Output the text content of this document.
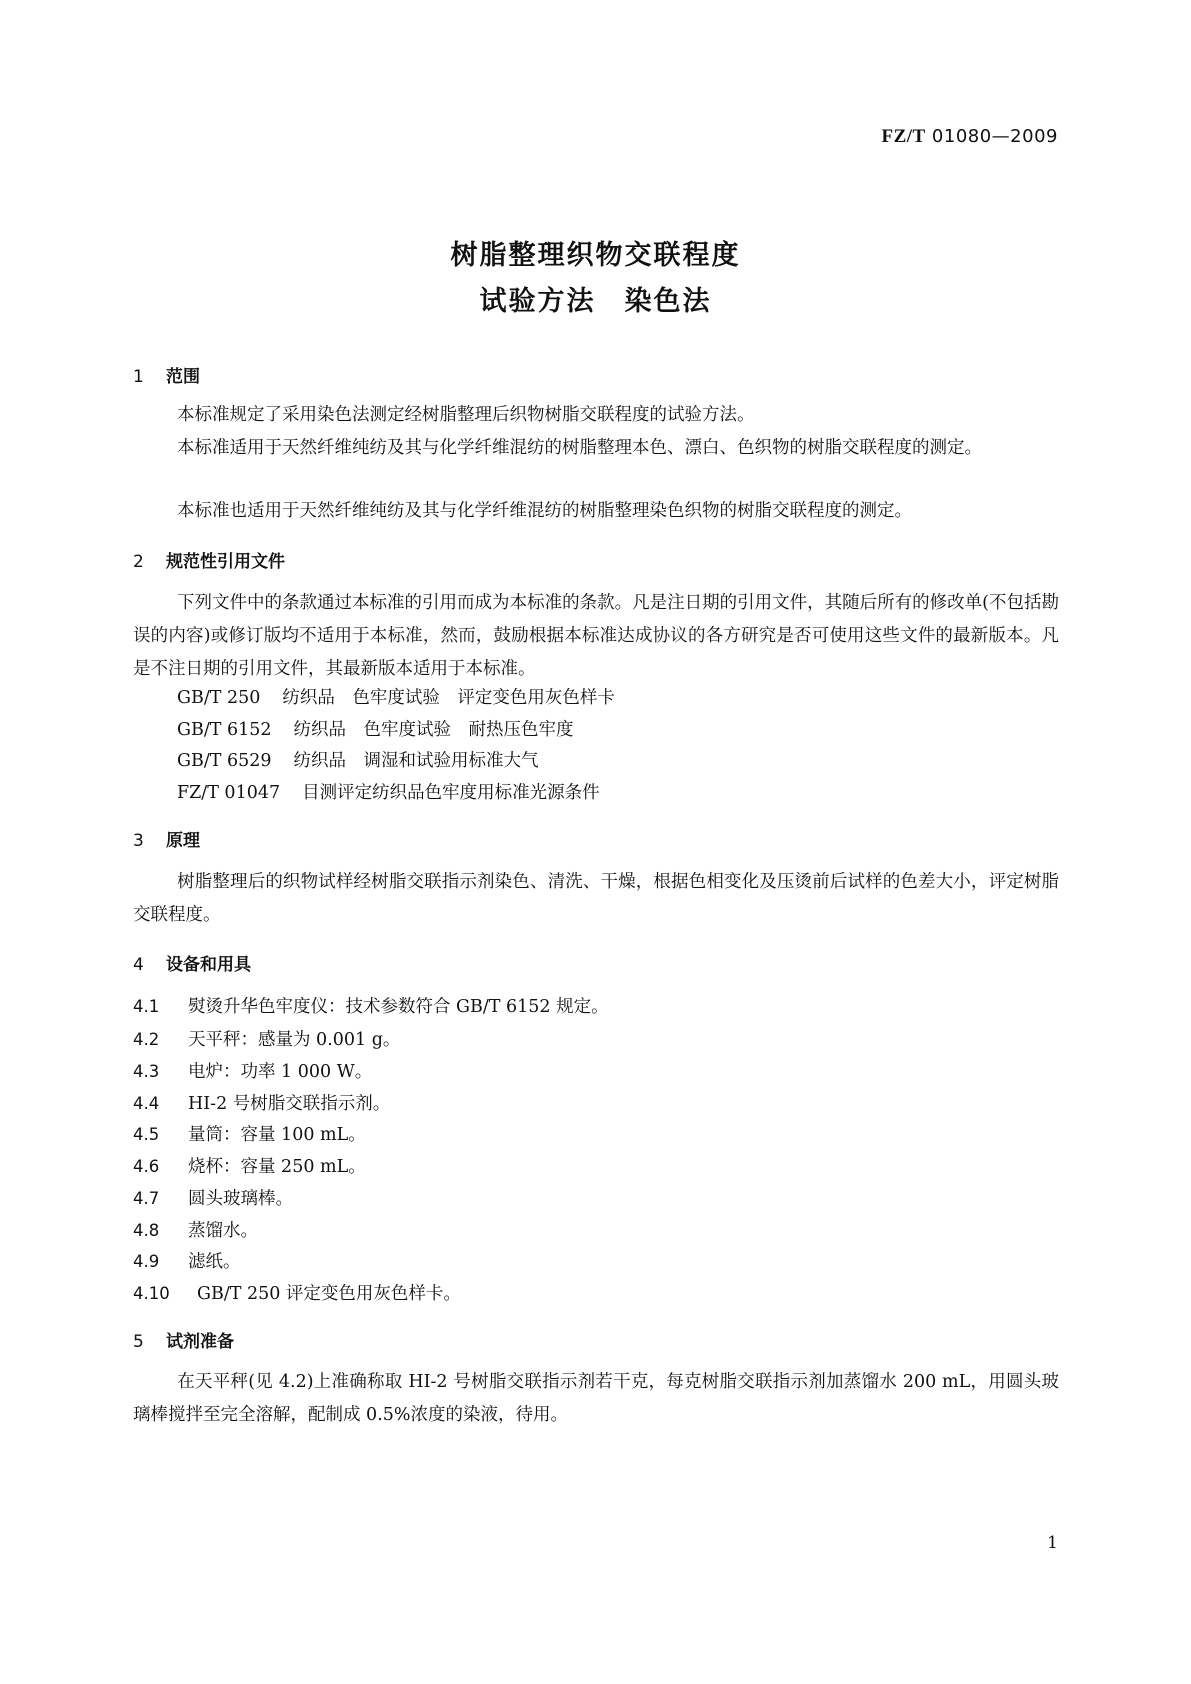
FZ/T 01080—2009
树脂整理织物交联程度
试验方法　染色法
1 范围
本标准规定了采用染色法测定经树脂整理后织物树脂交联程度的试验方法。
本标准适用于天然纤维纯纺及其与化学纤维混纺的树脂整理本色、漂白、色织物的树脂交联程度的测定。
本标准也适用于天然纤维纯纺及其与化学纤维混纺的树脂整理染色织物的树脂交联程度的测定。
2 规范性引用文件
下列文件中的条款通过本标准的引用而成为本标准的条款。凡是注日期的引用文件，其随后所有的修改单(不包括勘误的内容)或修订版均不适用于本标准，然而，鼓励根据本标准达成协议的各方研究是否可使用这些文件的最新版本。凡是不注日期的引用文件，其最新版本适用于本标准。
GB/T 250 纺织品　色牢度试验　评定变色用灰色样卡
GB/T 6152 纺织品　色牢度试验　耐热压色牢度
GB/T 6529 纺织品　调湿和试验用标准大气
FZ/T 01047 目测评定纺织品色牢度用标准光源条件
3 原理
树脂整理后的织物试样经树脂交联指示剂染色、清洗、干燥，根据色相变化及压烫前后试样的色差大小，评定树脂交联程度。
4 设备和用具
4.1 熨烫升华色牢度仪：技术参数符合 GB/T 6152 规定。
4.2 天平秤：感量为 0.001 g。
4.3 电炉：功率 1 000 W。
4.4 HI-2 号树脂交联指示剂。
4.5 量筒：容量 100 mL。
4.6 烧杯：容量 250 mL。
4.7 圆头玻璃棒。
4.8 蒸馏水。
4.9 滤纸。
4.10 GB/T 250 评定变色用灰色样卡。
5 试剂准备
在天平秤(见 4.2)上准确称取 HI-2 号树脂交联指示剂若干克，每克树脂交联指示剂加蒸馏水 200 mL，用圆头玻璃棒搅拌至完全溶解，配制成 0.5%浓度的染液，待用。
1
